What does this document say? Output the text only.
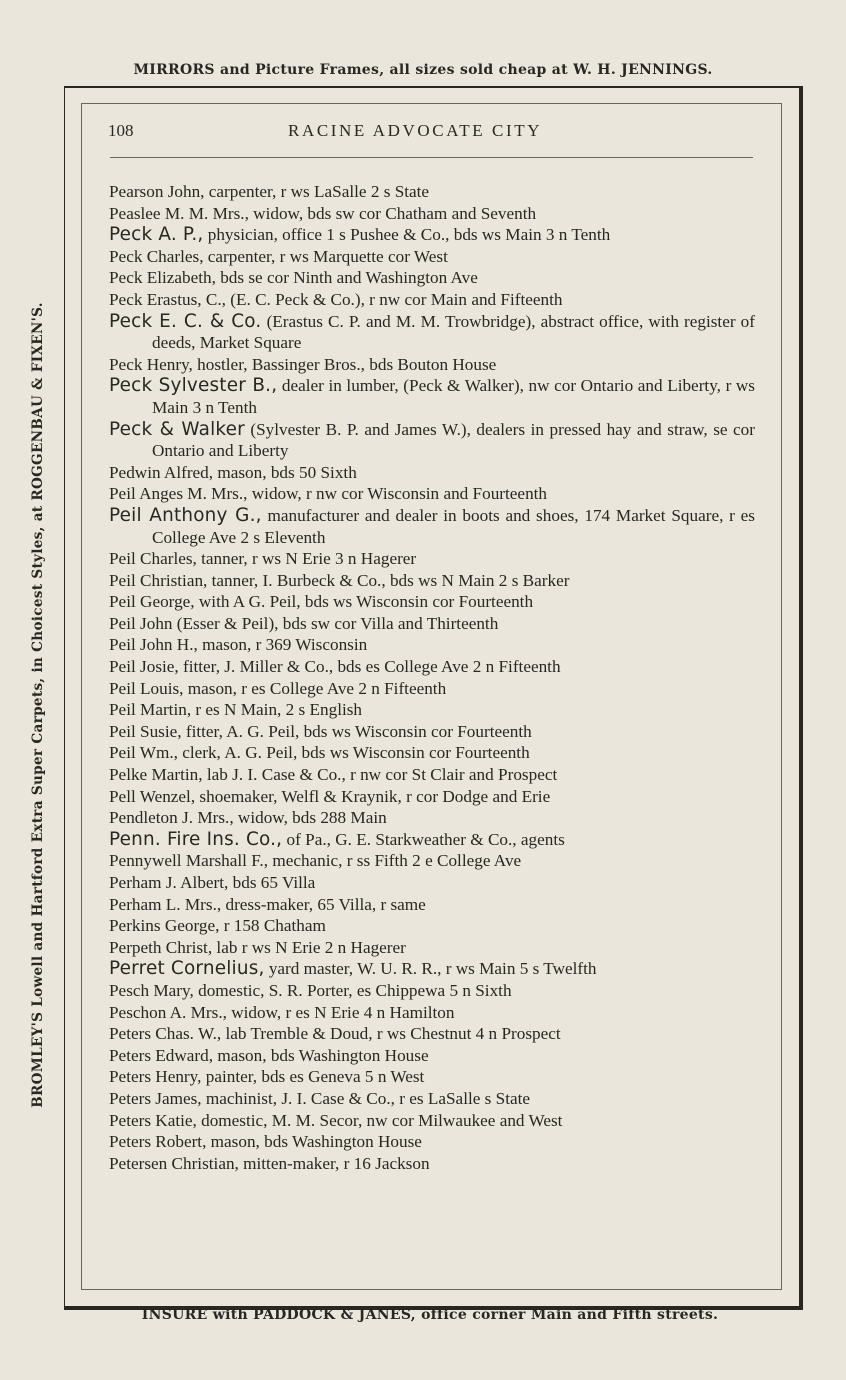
MIRRORS and Picture Frames, all sizes sold cheap at W. H. JENNINGS.
BROMLEY'S Lowell and Hartford Extra Super Carpets, in Choicest Styles, at ROGGENBAU & FIXEN'S.
108	RACINE ADVOCATE CITY
Pearson John, carpenter, r ws LaSalle 2 s State
Peaslee M. M. Mrs., widow, bds sw cor Chatham and Seventh
Peck A. P., physician, office 1 s Pushee & Co., bds ws Main 3 n Tenth
Peck Charles, carpenter, r ws Marquette cor West
Peck Elizabeth, bds se cor Ninth and Washington Ave
Peck Erastus, C., (E. C. Peck & Co.), r nw cor Main and Fifteenth
Peck E. C. & Co. (Erastus C. P. and M. M. Trowbridge), abstract office, with register of deeds, Market Square
Peck Henry, hostler, Bassinger Bros., bds Bouton House
Peck Sylvester B., dealer in lumber, (Peck & Walker), nw cor Ontario and Liberty, r ws Main 3 n Tenth
Peck & Walker (Sylvester B. P. and James W.), dealers in pressed hay and straw, se cor Ontario and Liberty
Pedwin Alfred, mason, bds 50 Sixth
Peil Anges M. Mrs., widow, r nw cor Wisconsin and Fourteenth
Peil Anthony G., manufacturer and dealer in boots and shoes, 174 Market Square, r es College Ave 2 s Eleventh
Peil Charles, tanner, r ws N Erie 3 n Hagerer
Peil Christian, tanner, I. Burbeck & Co., bds ws N Main 2 s Barker
Peil George, with A G. Peil, bds ws Wisconsin cor Fourteenth
Peil John (Esser & Peil), bds sw cor Villa and Thirteenth
Peil John H., mason, r 369 Wisconsin
Peil Josie, fitter, J. Miller & Co., bds es College Ave 2 n Fifteenth
Peil Louis, mason, r es College Ave 2 n Fifteenth
Peil Martin, r es N Main, 2 s English
Peil Susie, fitter, A. G. Peil, bds ws Wisconsin cor Fourteenth
Peil Wm., clerk, A. G. Peil, bds ws Wisconsin cor Fourteenth
Pelke Martin, lab J. I. Case & Co., r nw cor St Clair and Prospect
Pell Wenzel, shoemaker, Welfl & Kraynik, r cor Dodge and Erie
Pendleton J. Mrs., widow, bds 288 Main
Penn. Fire Ins. Co., of Pa., G. E. Starkweather & Co., agents
Pennywell Marshall F., mechanic, r ss Fifth 2 e College Ave
Perham J. Albert, bds 65 Villa
Perham L. Mrs., dress-maker, 65 Villa, r same
Perkins George, r 158 Chatham
Perpeth Christ, lab r ws N Erie 2 n Hagerer
Perret Cornelius, yard master, W. U. R. R., r ws Main 5 s Twelfth
Pesch Mary, domestic, S. R. Porter, es Chippewa 5 n Sixth
Peschon A. Mrs., widow, r es N Erie 4 n Hamilton
Peters Chas. W., lab Tremble & Doud, r ws Chestnut 4 n Prospect
Peters Edward, mason, bds Washington House
Peters Henry, painter, bds es Geneva 5 n West
Peters James, machinist, J. I. Case & Co., r es LaSalle s State
Peters Katie, domestic, M. M. Secor, nw cor Milwaukee and West
Peters Robert, mason, bds Washington House
Petersen Christian, mitten-maker, r 16 Jackson
INSURE with PADDOCK & JANES, office corner Main and Fifth streets.
